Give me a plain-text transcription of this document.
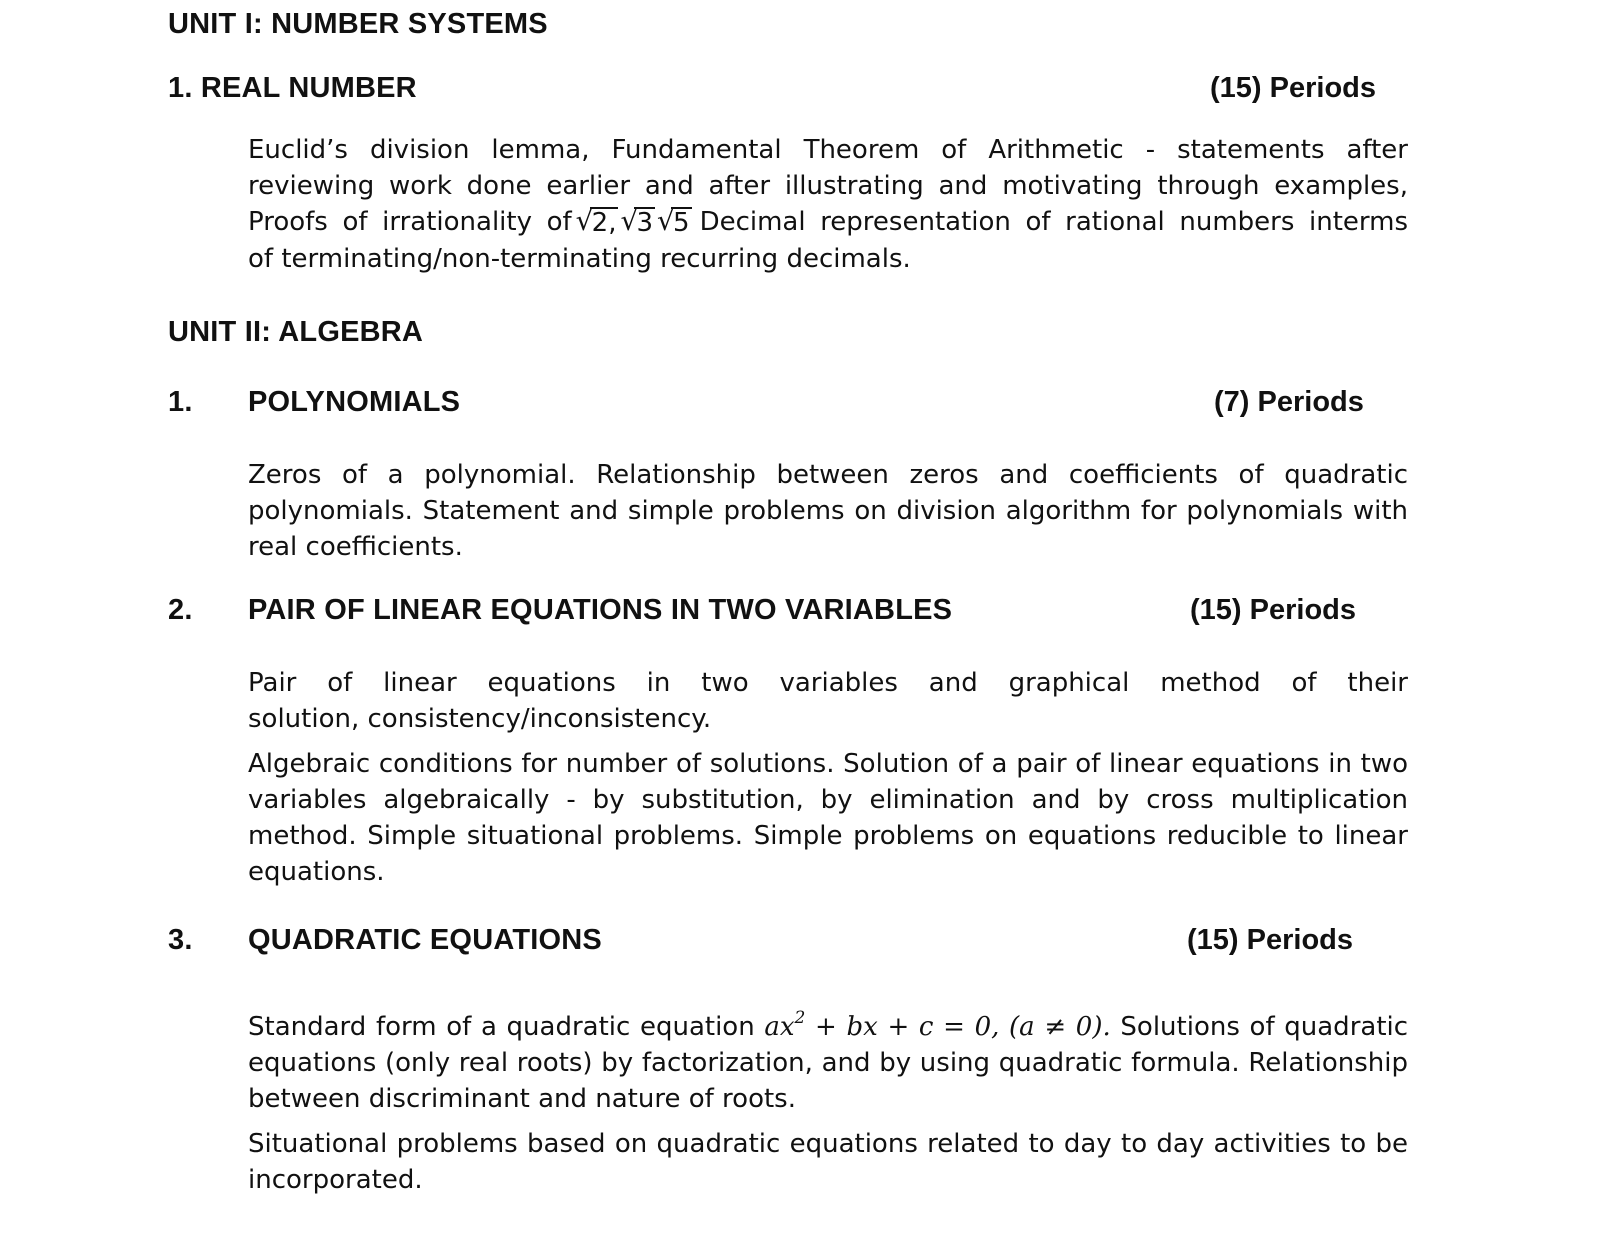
UNIT I: NUMBER SYSTEMS
1. REAL NUMBER	(15) Periods
Euclid’s division lemma, Fundamental Theorem of Arithmetic - statements after
reviewing work done earlier and after illustrating and motivating through examples,
Proofs of irrationality of √
2, √
3 √
5 Decimal representation of rational numbers interms
of terminating/non-terminating recurring decimals.
UNIT II: ALGEBRA
1. POLYNOMIALS	(7) Periods
Zeros of a polynomial. Relationship between zeros and coefficients of quadratic
polynomials. Statement and simple problems on division algorithm for polynomials with
real coefficients.
2. PAIR OF LINEAR EQUATIONS IN TWO VARIABLES	(15) Periods
Pair of linear equations in two variables and graphical method of their
solution, consistency/inconsistency.
Algebraic conditions for number of solutions. Solution of a pair of linear equations in two
variables algebraically - by substitution, by elimination and by cross multiplication
method. Simple situational problems. Simple problems on equations reducible to linear
equations.
3. QUADRATIC EQUATIONS	(15) Periods
Standard form of a quadratic equation $ax^2$ + bx + c = 0, (a ≠ 0). Solutions of quadratic
equations (only real roots) by factorization, and by using quadratic formula. Relationship
between discriminant and nature of roots.
Situational problems based on quadratic equations related to day to day activities to be
incorporated.
